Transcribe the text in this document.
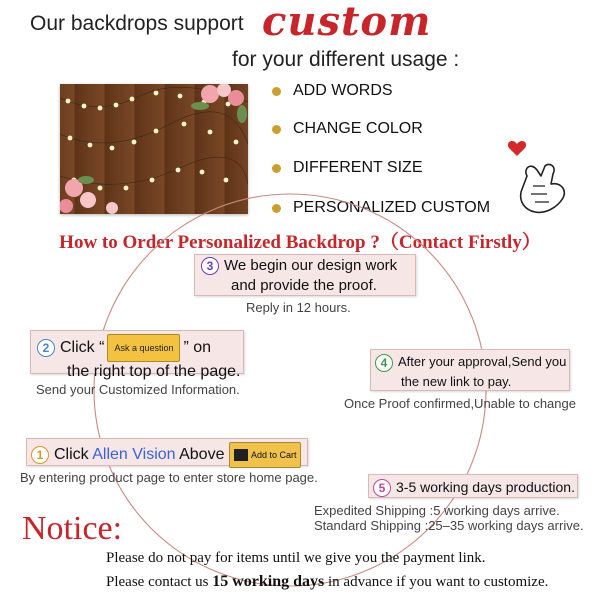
Our backdrops support custom
for your different usage :
ADD WORDS
CHANGE COLOR
DIFFERENT SIZE
PERSONALIZED CUSTOM
How to Order Personalized Backdrop ?（Contact Firstly）
3 We begin our design work
and provide the proof.
Reply in 12 hours.
2 Click “ Ask a question ” on
the right top of the page.
Send your Customized Information.
4 After your approval,Send you
the new link to pay.
Once Proof confirmed,Unable to change
1 Click Allen Vision Above	Add to Cart
By entering product page to enter store home page.
5 3-5 working days production.
Expedited Shipping :5 working days arrive.
Standard Shipping :25–35 working days arrive.
Notice:
Please do not pay for items until we give you the payment link.
Please contact us 15 working days in advance if you want to customize.
